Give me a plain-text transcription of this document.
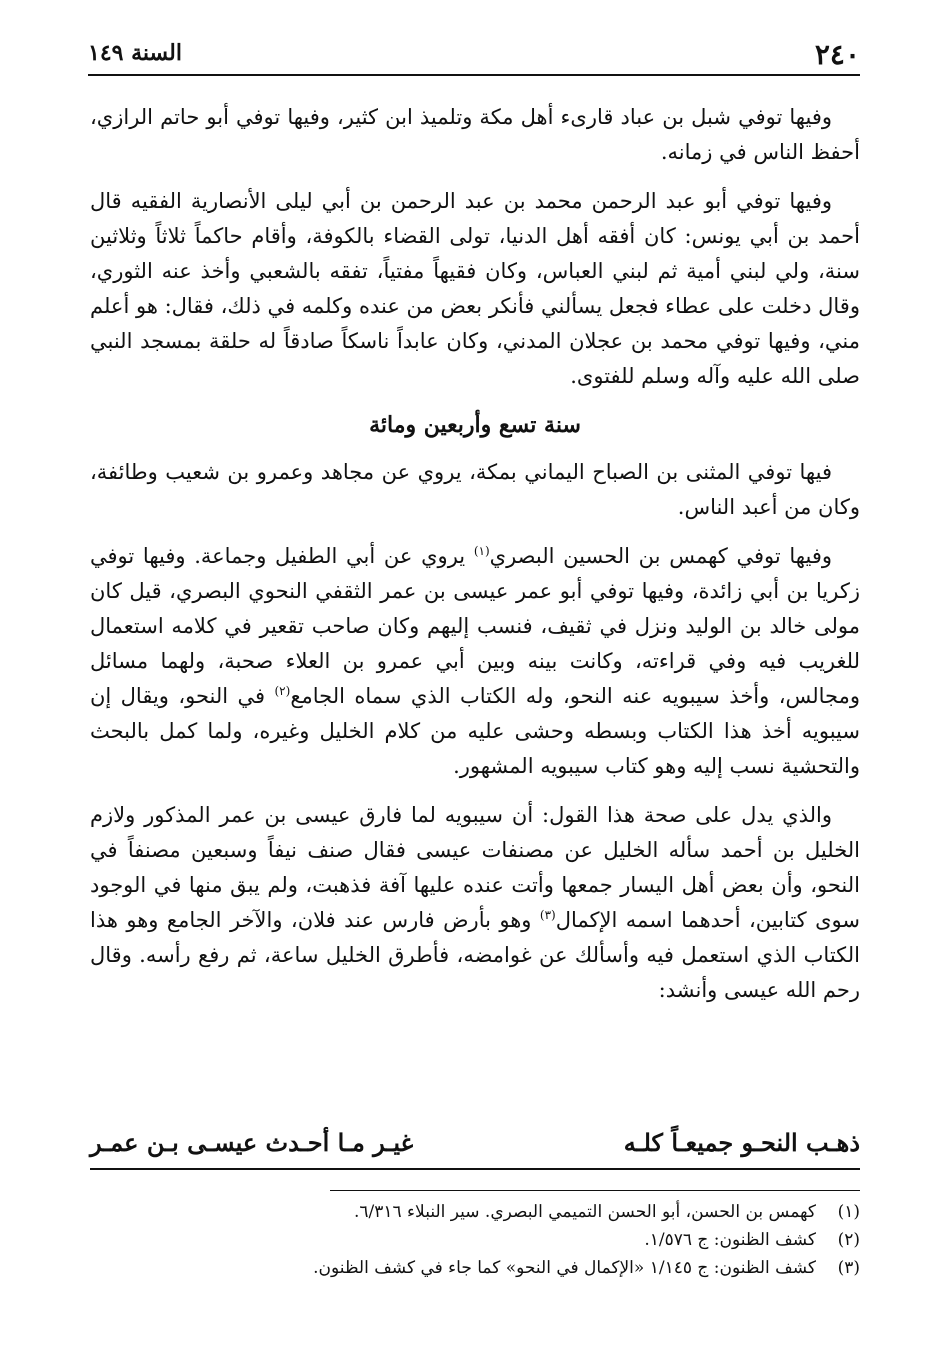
٢٤٠
السنة ١٤٩

وفيها توفي شبل بن عباد قارىء أهل مكة وتلميذ ابن كثير، وفيها توفي أبو حاتم الرازي، أحفظ الناس في زمانه.

وفيها توفي أبو عبد الرحمن محمد بن عبد الرحمن بن أبي ليلى الأنصارية الفقيه قال أحمد بن أبي يونس: كان أفقه أهل الدنيا، تولى القضاء بالكوفة، وأقام حاكماً ثلاثاً وثلاثين سنة، ولي لبني أمية ثم لبني العباس، وكان فقيهاً مفتياً، تفقه بالشعبي وأخذ عنه الثوري، وقال دخلت على عطاء فجعل يسألني فأنكر بعض من عنده وكلمه في ذلك، فقال: هو أعلم مني، وفيها توفي محمد بن عجلان المدني، وكان عابداً ناسكاً صادقاً له حلقة بمسجد النبي صلى الله عليه وآله وسلم للفتوى.

سنة تسع وأربعين ومائة

فيها توفي المثنى بن الصباح اليماني بمكة، يروي عن مجاهد وعمرو بن شعيب وطائفة، وكان من أعبد الناس.

وفيها توفي كهمس بن الحسين البصري$^{(١)}$ يروي عن أبي الطفيل وجماعة. وفيها توفي زكريا بن أبي زائدة، وفيها توفي أبو عمر عيسى بن عمر الثقفي النحوي البصري، قيل كان مولى خالد بن الوليد ونزل في ثقيف، فنسب إليهم وكان صاحب تقعير في كلامه استعمال للغريب فيه وفي قراءته، وكانت بينه وبين أبي عمرو بن العلاء صحبة، ولهما مسائل ومجالس، وأخذ سيبويه عنه النحو، وله الكتاب الذي سماه الجامع$^{(٢)}$ في النحو، ويقال إن سيبويه أخذ هذا الكتاب وبسطه وحشى عليه من كلام الخليل وغيره، ولما كمل بالبحث والتحشية نسب إليه وهو كتاب سيبويه المشهور.

والذي يدل على صحة هذا القول: أن سيبويه لما فارق عيسى بن عمر المذكور ولازم الخليل بن أحمد سأله الخليل عن مصنفات عيسى فقال صنف نيفاً وسبعين مصنفاً في النحو، وأن بعض أهل اليسار جمعها وأتت عنده عليها آفة فذهبت، ولم يبق منها في الوجود سوى كتابين، أحدهما اسمه الإكمال$^{(٣)}$ وهو بأرض فارس عند فلان، والآخر الجامع وهو هذا الكتاب الذي استعمل فيه وأسألك عن غوامضه، فأطرق الخليل ساعة، ثم رفع رأسه. وقال رحم الله عيسى وأنشد:

ذهـب النحـو جميعـاً كلـه
غيـر مـا أحـدث عيسـى بـن عمـر
(١)كهمس بن الحسن، أبو الحسن التميمي البصري. سير النبلاء ٦/٣١٦.
(٢)كشف الظنون: ج ١/٥٧٦.
(٣)كشف الظنون: ج ١/١٤٥ «الإكمال في النحو» كما جاء في كشف الظنون.
